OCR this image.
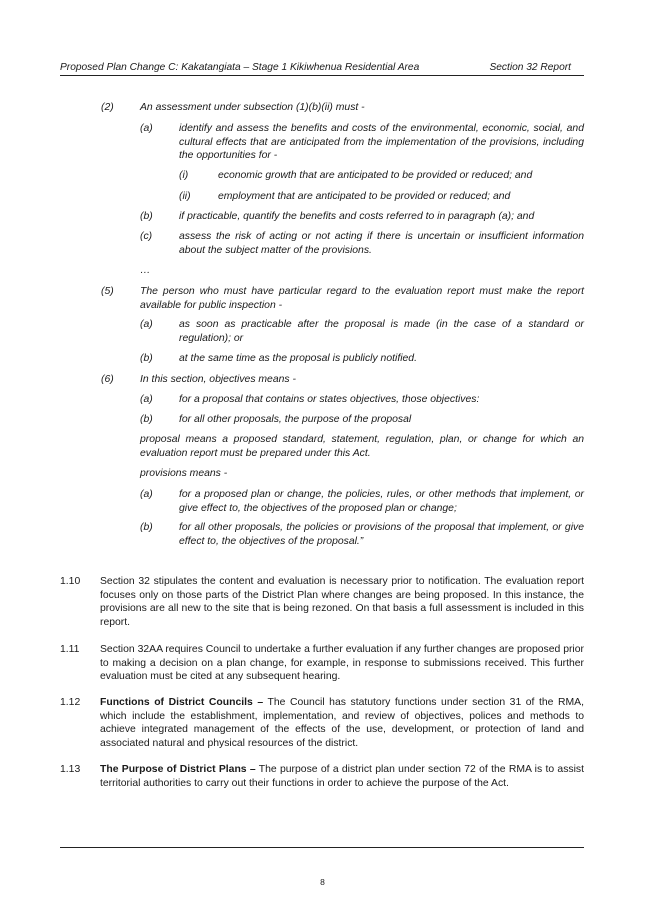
Proposed Plan Change C: Kakatangiata – Stage 1 Kikiwhenua Residential Area	Section 32 Report
(2)	An assessment under subsection (1)(b)(ii) must -
(a)	identify and assess the benefits and costs of the environmental, economic, social, and cultural effects that are anticipated from the implementation of the provisions, including the opportunities for -
(i)	economic growth that are anticipated to be provided or reduced; and
(ii)	employment that are anticipated to be provided or reduced; and
(b)	if practicable, quantify the benefits and costs referred to in paragraph (a); and
(c)	assess the risk of acting or not acting if there is uncertain or insufficient information about the subject matter of the provisions.
…
(5)	The person who must have particular regard to the evaluation report must make the report available for public inspection -
(a)	as soon as practicable after the proposal is made (in the case of a standard or regulation); or
(b)	at the same time as the proposal is publicly notified.
(6)	In this section, objectives means -
(a)	for a proposal that contains or states objectives, those objectives:
(b)	for all other proposals, the purpose of the proposal
proposal means a proposed standard, statement, regulation, plan, or change for which an evaluation report must be prepared under this Act.
provisions means -
(a)	for a proposed plan or change, the policies, rules, or other methods that implement, or give effect to, the objectives of the proposed plan or change;
(b)	for all other proposals, the policies or provisions of the proposal that implement, or give effect to, the objectives of the proposal.”
1.10 Section 32 stipulates the content and evaluation is necessary prior to notification. The evaluation report focuses only on those parts of the District Plan where changes are being proposed. In this instance, the provisions are all new to the site that is being rezoned. On that basis a full assessment is included in this report.
1.11 Section 32AA requires Council to undertake a further evaluation if any further changes are proposed prior to making a decision on a plan change, for example, in response to submissions received. This further evaluation must be cited at any subsequent hearing.
1.12 Functions of District Councils – The Council has statutory functions under section 31 of the RMA, which include the establishment, implementation, and review of objectives, polices and methods to achieve integrated management of the effects of the use, development, or protection of land and associated natural and physical resources of the district.
1.13 The Purpose of District Plans – The purpose of a district plan under section 72 of the RMA is to assist territorial authorities to carry out their functions in order to achieve the purpose of the Act.
8
